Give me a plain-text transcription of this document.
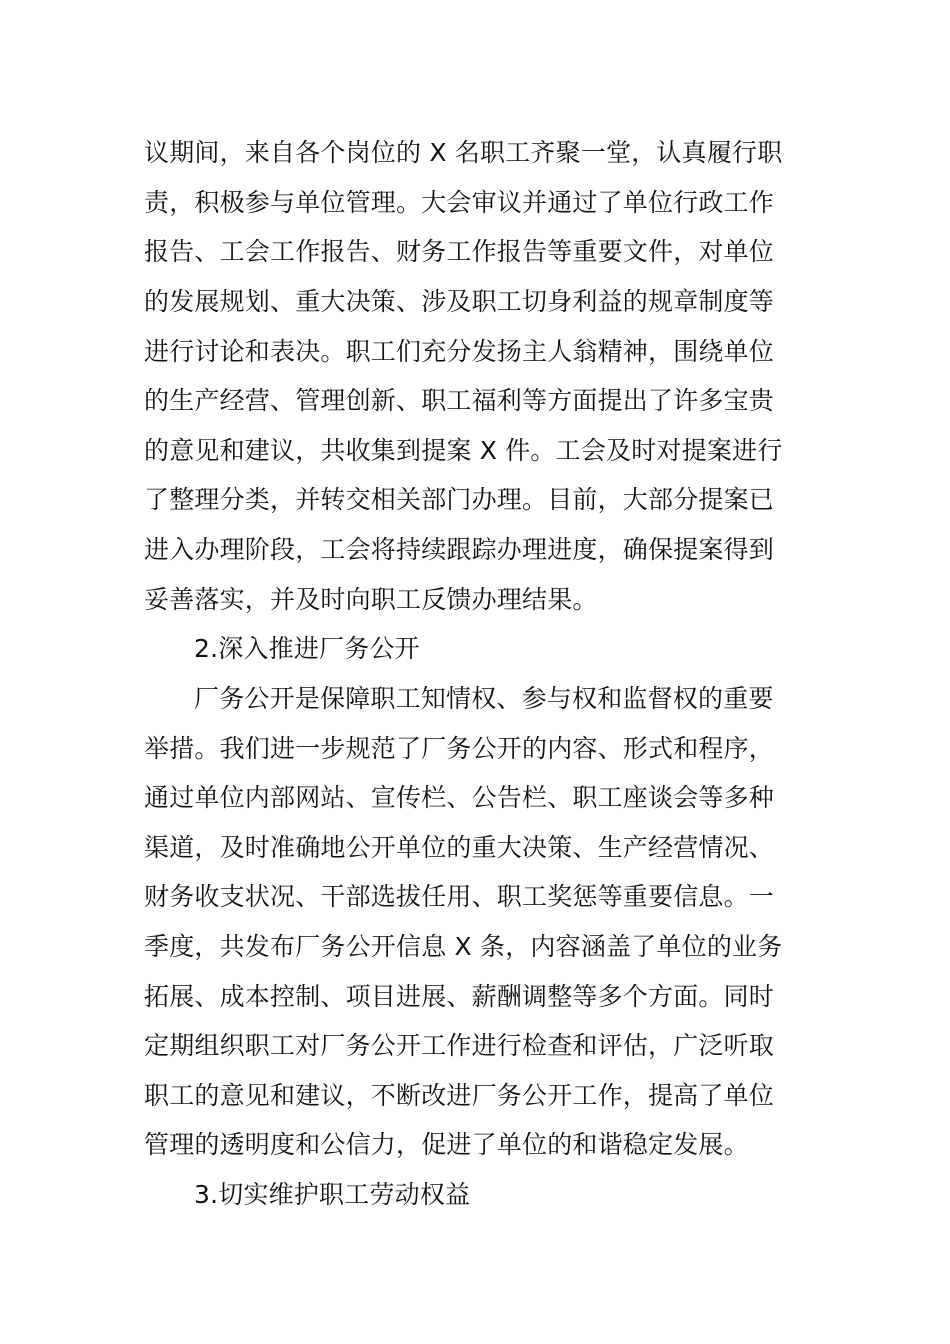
议期间，来自各个岗位的 X 名职工齐聚一堂，认真履行职
责，积极参与单位管理。大会审议并通过了单位行政工作
报告、工会工作报告、财务工作报告等重要文件，对单位
的发展规划、重大决策、涉及职工切身利益的规章制度等
进行讨论和表决。职工们充分发扬主人翁精神，围绕单位
的生产经营、管理创新、职工福利等方面提出了许多宝贵
的意见和建议，共收集到提案 X 件。工会及时对提案进行
了整理分类，并转交相关部门办理。目前，大部分提案已
进入办理阶段，工会将持续跟踪办理进度，确保提案得到
妥善落实，并及时向职工反馈办理结果。
2.深入推进厂务公开
厂务公开是保障职工知情权、参与权和监督权的重要
举措。我们进一步规范了厂务公开的内容、形式和程序，
通过单位内部网站、宣传栏、公告栏、职工座谈会等多种
渠道，及时准确地公开单位的重大决策、生产经营情况、
财务收支状况、干部选拔任用、职工奖惩等重要信息。一
季度，共发布厂务公开信息 X 条，内容涵盖了单位的业务
拓展、成本控制、项目进展、薪酬调整等多个方面。同时
定期组织职工对厂务公开工作进行检查和评估，广泛听取
职工的意见和建议，不断改进厂务公开工作，提高了单位
管理的透明度和公信力，促进了单位的和谐稳定发展。
3.切实维护职工劳动权益
